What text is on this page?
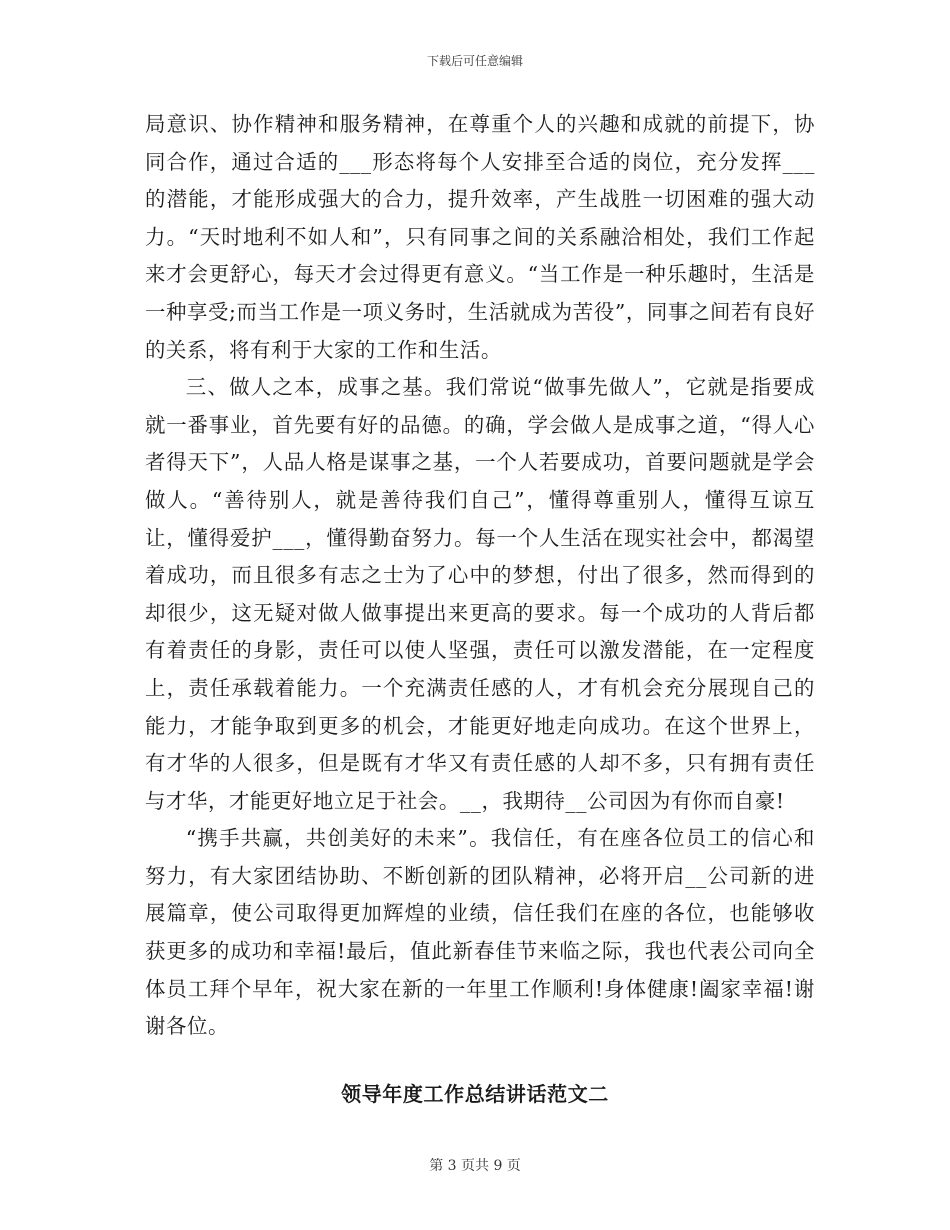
下载后可任意编辑

局意识、协作精神和服务精神，在尊重个人的兴趣和成就的前提下，协同合作，通过合适的___形态将每个人安排至合适的岗位，充分发挥___的潜能，才能形成强大的合力，提升效率，产生战胜一切困难的强大动力。“天时地利不如人和”，只有同事之间的关系融洽相处，我们工作起来才会更舒心，每天才会过得更有意义。“当工作是一种乐趣时，生活是一种享受;而当工作是一项义务时，生活就成为苦役”，同事之间若有良好的关系，将有利于大家的工作和生活。

三、做人之本，成事之基。我们常说“做事先做人”，它就是指要成就一番事业，首先要有好的品德。的确，学会做人是成事之道，“得人心者得天下”，人品人格是谋事之基，一个人若要成功，首要问题就是学会做人。“善待别人，就是善待我们自己”，懂得尊重别人，懂得互谅互让，懂得爱护___，懂得勤奋努力。每一个人生活在现实社会中，都渴望着成功，而且很多有志之士为了心中的梦想，付出了很多，然而得到的却很少，这无疑对做人做事提出来更高的要求。每一个成功的人背后都有着责任的身影，责任可以使人坚强，责任可以激发潜能，在一定程度上，责任承载着能力。一个充满责任感的人，才有机会充分展现自己的能力，才能争取到更多的机会，才能更好地走向成功。在这个世界上，有才华的人很多，但是既有才华又有责任感的人却不多，只有拥有责任与才华，才能更好地立足于社会。__，我期待__公司因为有你而自豪!

“携手共赢，共创美好的未来”。我信任，有在座各位员工的信心和努力，有大家团结协助、不断创新的团队精神，必将开启__公司新的进展篇章，使公司取得更加辉煌的业绩，信任我们在座的各位，也能够收获更多的成功和幸福!最后，值此新春佳节来临之际，我也代表公司向全体员工拜个早年，祝大家在新的一年里工作顺利!身体健康!阖家幸福!谢谢各位。

领导年度工作总结讲话范文二
第 3 页共 9 页
